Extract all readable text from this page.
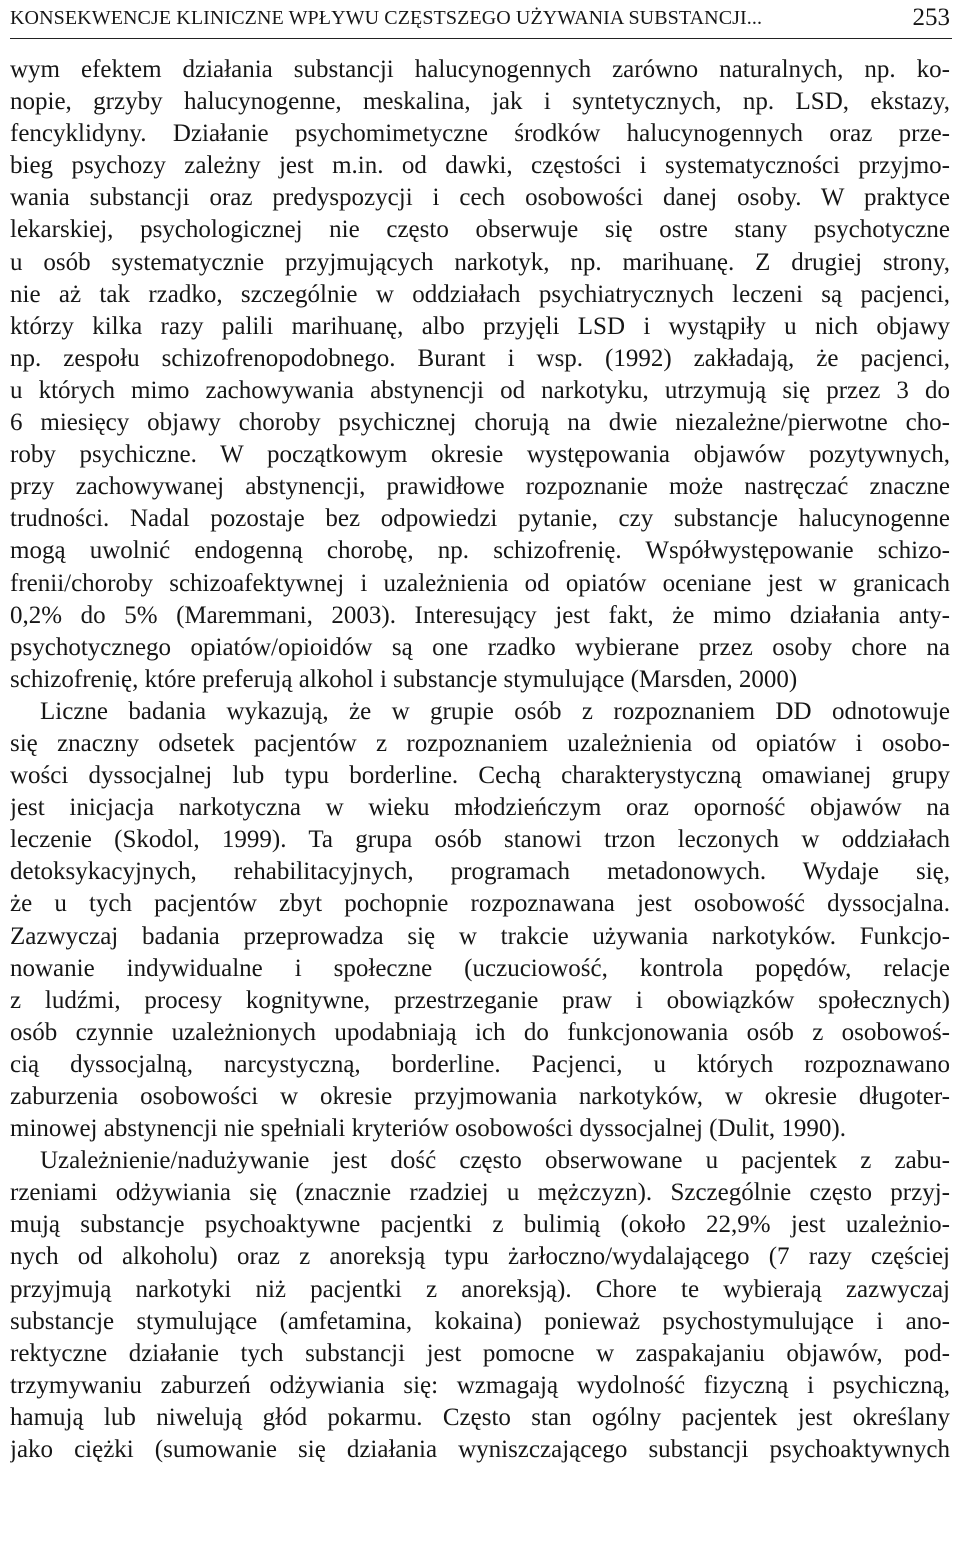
KONSEKWENCJE KLINICZNE WPŁYWU CZĘSTSZEGO UŻYWANIA SUBSTANCJI...	253
wym efektem działania substancji halucynogennych zarówno naturalnych, np. ko-
nopie, grzyby halucynogenne, meskalina, jak i syntetycznych, np. LSD, ekstazy,
fencyklidyny. Działanie psychomimetyczne środków halucynogennych oraz prze-
bieg psychozy zależny jest m.in. od dawki, częstości i systematyczności przyjmo-
wania substancji oraz predyspozycji i cech osobowości danej osoby. W praktyce
lekarskiej, psychologicznej nie często obserwuje się ostre stany psychotyczne
u osób systematycznie przyjmujących narkotyk, np. marihuanę. Z drugiej strony,
nie aż tak rzadko, szczególnie w oddziałach psychiatrycznych leczeni są pacjenci,
którzy kilka razy palili marihuanę, albo przyjęli LSD i wystąpiły u nich objawy
np. zespołu schizofrenopodobnego. Burant i wsp. (1992) zakładają, że pacjenci,
u których mimo zachowywania abstynencji od narkotyku, utrzymują się przez 3 do
6 miesięcy objawy choroby psychicznej chorują na dwie niezależne/pierwotne cho-
roby psychiczne. W początkowym okresie występowania objawów pozytywnych,
przy zachowywanej abstynencji, prawidłowe rozpoznanie może nastręczać znaczne
trudności. Nadal pozostaje bez odpowiedzi pytanie, czy substancje halucynogenne
mogą uwolnić endogenną chorobę, np. schizofrenię. Współwystępowanie schizo-
frenii/choroby schizoafektywnej i uzależnienia od opiatów oceniane jest w granicach
0,2% do 5% (Maremmani, 2003). Interesujący jest fakt, że mimo działania anty-
psychotycznego opiatów/opioidów są one rzadko wybierane przez osoby chore na
schizofrenię, które preferują alkohol i substancje stymulujące (Marsden, 2000)
Liczne badania wykazują, że w grupie osób z rozpoznaniem DD odnotowuje
się znaczny odsetek pacjentów z rozpoznaniem uzależnienia od opiatów i osobo-
wości dyssocjalnej lub typu borderline. Cechą charakterystyczną omawianej grupy
jest inicjacja narkotyczna w wieku młodzieńczym oraz oporność objawów na
leczenie (Skodol, 1999). Ta grupa osób stanowi trzon leczonych w oddziałach
detoksykacyjnych, rehabilitacyjnych, programach metadonowych. Wydaje się,
że u tych pacjentów zbyt pochopnie rozpoznawana jest osobowość dyssocjalna.
Zazwyczaj badania przeprowadza się w trakcie używania narkotyków. Funkcjo-
nowanie indywidualne i społeczne (uczuciowość, kontrola popędów, relacje
z ludźmi, procesy kognitywne, przestrzeganie praw i obowiązków społecznych)
osób czynnie uzależnionych upodabniają ich do funkcjonowania osób z osobowoś-
cią dyssocjalną, narcystyczną, borderline. Pacjenci, u których rozpoznawano
zaburzenia osobowości w okresie przyjmowania narkotyków, w okresie długoter-
minowej abstynencji nie spełniali kryteriów osobowości dyssocjalnej (Dulit, 1990).
Uzależnienie/nadużywanie jest dość często obserwowane u pacjentek z zabu-
rzeniami odżywiania się (znacznie rzadziej u mężczyzn). Szczególnie często przyj-
mują substancje psychoaktywne pacjentki z bulimią (około 22,9% jest uzależnio-
nych od alkoholu) oraz z anoreksją typu żarłoczno/wydalającego (7 razy częściej
przyjmują narkotyki niż pacjentki z anoreksją). Chore te wybierają zazwyczaj
substancje stymulujące (amfetamina, kokaina) ponieważ psychostymulujące i ano-
rektyczne działanie tych substancji jest pomocne w zaspakajaniu objawów, pod-
trzymywaniu zaburzeń odżywiania się: wzmagają wydolność fizyczną i psychiczną,
hamują lub niwelują głód pokarmu. Często stan ogólny pacjentek jest określany
jako ciężki (sumowanie się działania wyniszczającego substancji psychoaktywnych
